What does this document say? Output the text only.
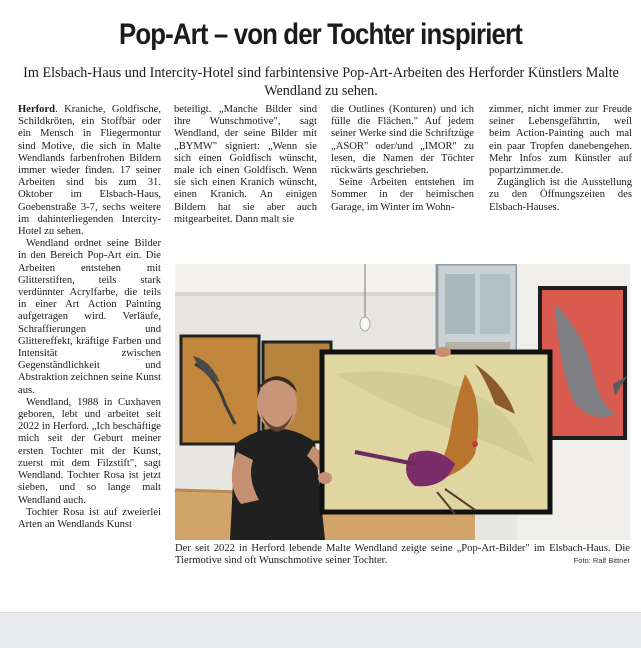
Pop-Art – von der Tochter inspiriert
Im Elsbach-Haus und Intercity-Hotel sind farbintensive Pop-Art-Arbeiten des Herforder Künstlers Malte Wendland zu sehen.

Herford. Kraniche, Goldfische, Schildkröten, ein Stoffbär oder ein Mensch in Fliegermontur sind Motive, die sich in Malte Wendlands farbenfrohen Bildern immer wieder finden. 17 seiner Arbeiten sind bis zum 31. Oktober im Elsbach-Haus, Goebenstraße 3-7, sechs weitere im dahinterliegenden Intercity-Hotel zu sehen.

Wendland ordnet seine Bilder in den Bereich Pop-Art ein. Die Arbeiten entstehen mit Glitterstiften, teils stark verdünnter Acrylfarbe, die teils in einer Art Action Painting aufgetragen wird. Verläufe, Schraffierungen und Glittereffekt, kräftige Farben und Intensität zwischen Gegenständlichkeit und Abstraktion zeichnen seine Kunst aus.

Wendland, 1988 in Cuxhaven geboren, lebt und arbeitet seit 2022 in Herford. „Ich beschäftige mich seit der Geburt meiner ersten Tochter mit der Kunst, zuerst mit dem Filzstift", sagt Wendland. Tochter Rosa ist jetzt sieben, und so lange malt Wendland auch.

Tochter Rosa ist auf zweierlei Arten an Wendlands Kunst

beteiligt. „Manche Bilder sind ihre Wunschmotive", sagt Wendland, der seine Bilder mit „BYMW" signiert: „Wenn sie sich einen Goldfisch wünscht, male ich einen Goldfisch. Wenn sie sich einen Kranich wünscht, einen Kranich. An einigen Bildern hat sie aber auch mitgearbeitet. Dann malt sie

die Outlines (Konturen) und ich fülle die Flächen." Auf jedem seiner Werke sind die Schriftzüge „ASOR" oder/und „IMOR" zu lesen, die Namen der Töchter rückwärts geschrieben.

Seine Arbeiten entstehen im Sommer in der heimischen Garage, im Winter im Wohn-

zimmer, nicht immer zur Freude seiner Lebensgefährtin, weil beim Action-Painting auch mal ein paar Tropfen danebengehen. Mehr Infos zum Künstler auf popartzimmer.de.

Zugänglich ist die Ausstellung zu den Öffnungszeiten des Elsbach-Hauses.

Der seit 2022 in Herford lebende Malte Wendland zeigte seine „Pop-Art-Bilder" im Elsbach-Haus. Die Tiermotive sind oft Wunschmotive seiner Tochter.	Foto: Ralf Bittner
